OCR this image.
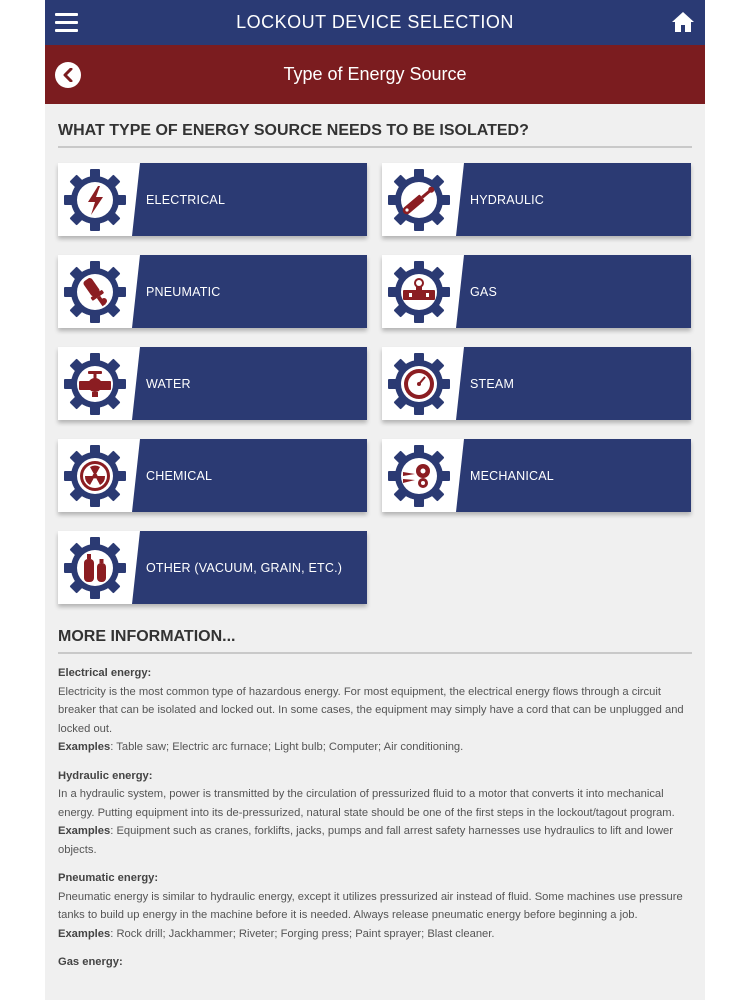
LOCKOUT DEVICE SELECTION
Type of Energy Source
WHAT TYPE OF ENERGY SOURCE NEEDS TO BE ISOLATED?
ELECTRICAL	HYDRAULIC
PNEUMATIC	GAS
WATER	STEAM
CHEMICAL	MECHANICAL
OTHER (VACUUM, GRAIN, ETC.)
MORE INFORMATION...
Electrical energy:
Electricity is the most common type of hazardous energy. For most equipment, the electrical energy flows through a circuit breaker that can be isolated and locked out. In some cases, the equipment may simply have a cord that can be unplugged and locked out.
Examples: Table saw; Electric arc furnace; Light bulb; Computer; Air conditioning.
Hydraulic energy:
In a hydraulic system, power is transmitted by the circulation of pressurized fluid to a motor that converts it into mechanical energy. Putting equipment into its de-pressurized, natural state should be one of the first steps in the lockout/tagout program.
Examples: Equipment such as cranes, forklifts, jacks, pumps and fall arrest safety harnesses use hydraulics to lift and lower objects.
Pneumatic energy:
Pneumatic energy is similar to hydraulic energy, except it utilizes pressurized air instead of fluid. Some machines use pressure tanks to build up energy in the machine before it is needed. Always release pneumatic energy before beginning a job.
Examples: Rock drill; Jackhammer; Riveter; Forging press; Paint sprayer; Blast cleaner.
Gas energy:
